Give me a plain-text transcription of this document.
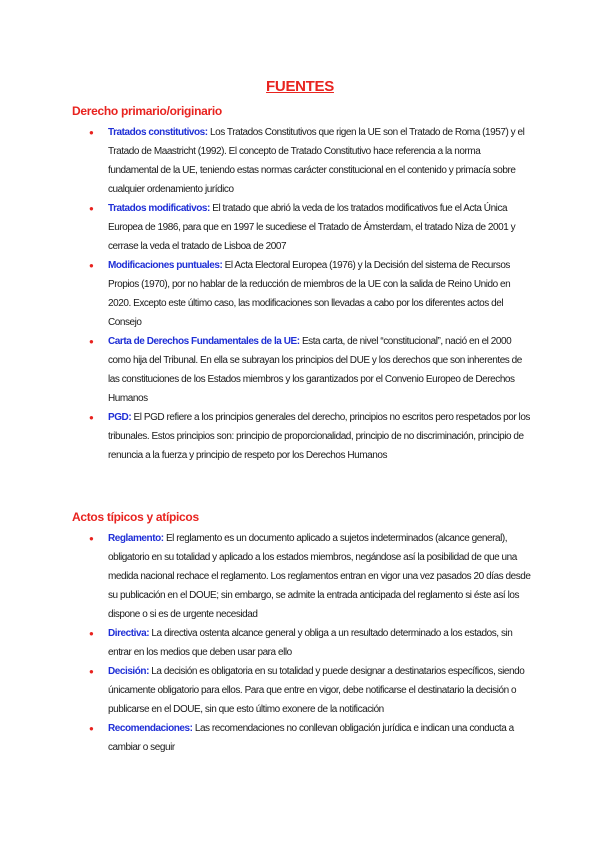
FUENTES
Derecho primario/originario
● Tratados constitutivos: Los Tratados Constitutivos que rigen la UE son el Tratado de Roma (1957) y el Tratado de Maastricht (1992). El concepto de Tratado Constitutivo hace referencia a la norma fundamental de la UE, teniendo estas normas carácter constitucional en el contenido y primacía sobre cualquier ordenamiento jurídico
● Tratados modificativos: El tratado que abrió la veda de los tratados modificativos fue el Acta Única Europea de 1986, para que en 1997 le sucediese el Tratado de Ámsterdam, el tratado Niza de 2001 y cerrase la veda el tratado de Lisboa de 2007
● Modificaciones puntuales: El Acta Electoral Europea (1976) y la Decisión del sistema de Recursos Propios (1970), por no hablar de la reducción de miembros de la UE con la salida de Reino Unido en 2020. Excepto este último caso, las modificaciones son llevadas a cabo por los diferentes actos del Consejo
● Carta de Derechos Fundamentales de la UE: Esta carta, de nivel “constitucional”, nació en el 2000 como hija del Tribunal. En ella se subrayan los principios del DUE y los derechos que son inherentes de las constituciones de los Estados miembros y los garantizados por el Convenio Europeo de Derechos Humanos
● PGD: El PGD refiere a los principios generales del derecho, principios no escritos pero respetados por los tribunales. Estos principios son: principio de proporcionalidad, principio de no discriminación, principio de renuncia a la fuerza y principio de respeto por los Derechos Humanos
Actos típicos y atípicos
● Reglamento: El reglamento es un documento aplicado a sujetos indeterminados (alcance general), obligatorio en su totalidad y aplicado a los estados miembros, negándose así la posibilidad de que una medida nacional rechace el reglamento. Los reglamentos entran en vigor una vez pasados 20 días desde su publicación en el DOUE; sin embargo, se admite la entrada anticipada del reglamento si éste así los dispone o si es de urgente necesidad
● Directiva: La directiva ostenta alcance general y obliga a un resultado determinado a los estados, sin entrar en los medios que deben usar para ello
● Decisión: La decisión es obligatoria en su totalidad y puede designar a destinatarios específicos, siendo únicamente obligatorio para ellos. Para que entre en vigor, debe notificarse el destinatario la decisión o publicarse en el DOUE, sin que esto último exonere de la notificación
● Recomendaciones: Las recomendaciones no conllevan obligación jurídica e indican una conducta a cambiar o seguir
